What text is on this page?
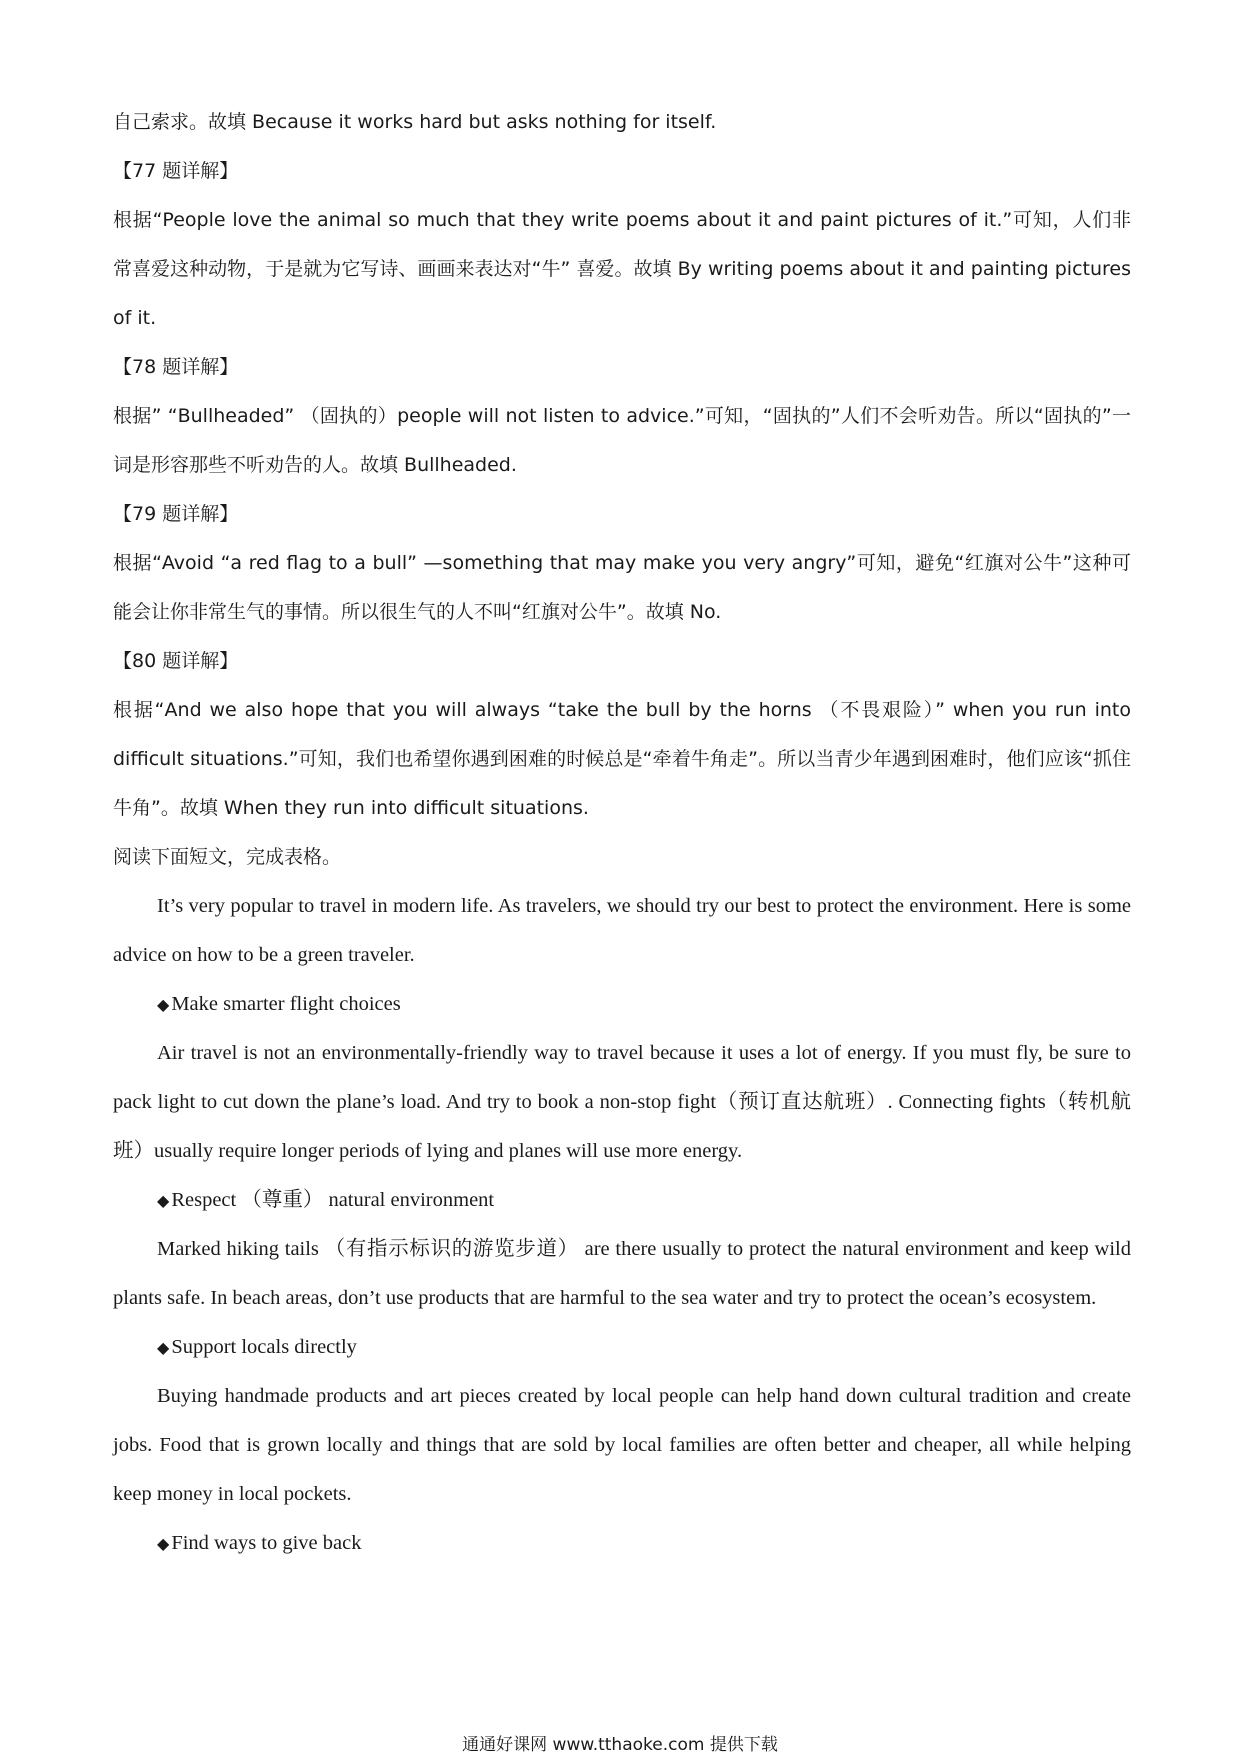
自己索求。故填 Because it works hard but asks nothing for itself.

【77 题详解】

根据“People love the animal so much that they write poems about it and paint pictures of it.”可知，人们非常喜爱这种动物，于是就为它写诗、画画来表达对“牛” 喜爱。故填 By writing poems about it and painting pictures of it.

【78 题详解】

根据” “Bullheaded” （固执的）people will not listen to advice.”可知，“固执的”人们不会听劝告。所以“固执的”一词是形容那些不听劝告的人。故填 Bullheaded.

【79 题详解】

根据“Avoid “a red flag to a bull” —something that may make you very angry”可知，避免“红旗对公牛”这种可能会让你非常生气的事情。所以很生气的人不叫“红旗对公牛”。故填 No.

【80 题详解】

根据“And we also hope that you will always “take the bull by the horns （不畏艰险）” when you run into difficult situations.”可知，我们也希望你遇到困难的时候总是“牵着牛角走”。所以当青少年遇到困难时，他们应该“抓住牛角”。故填 When they run into difficult situations.

阅读下面短文，完成表格。

It’s very popular to travel in modern life. As travelers, we should try our best to protect the environment. Here is some advice on how to be a green traveler.

◆Make smarter flight choices

Air travel is not an environmentally-friendly way to travel because it uses a lot of energy. If you must fly, be sure to pack light to cut down the plane’s load. And try to book a non-stop fight（预订直达航班）. Connecting fights（转机航班）usually require longer periods of lying and planes will use more energy.

◆Respect （尊重） natural environment

Marked hiking tails （有指示标识的游览步道） are there usually to protect the natural environment and keep wild plants safe. In beach areas, don’t use products that are harmful to the sea water and try to protect the ocean’s ecosystem.

◆Support locals directly

Buying handmade products and art pieces created by local people can help hand down cultural tradition and create jobs. Food that is grown locally and things that are sold by local families are often better and cheaper, all while helping keep money in local pockets.

◆Find ways to give back

通通好课网 www.tthaoke.com 提供下载
